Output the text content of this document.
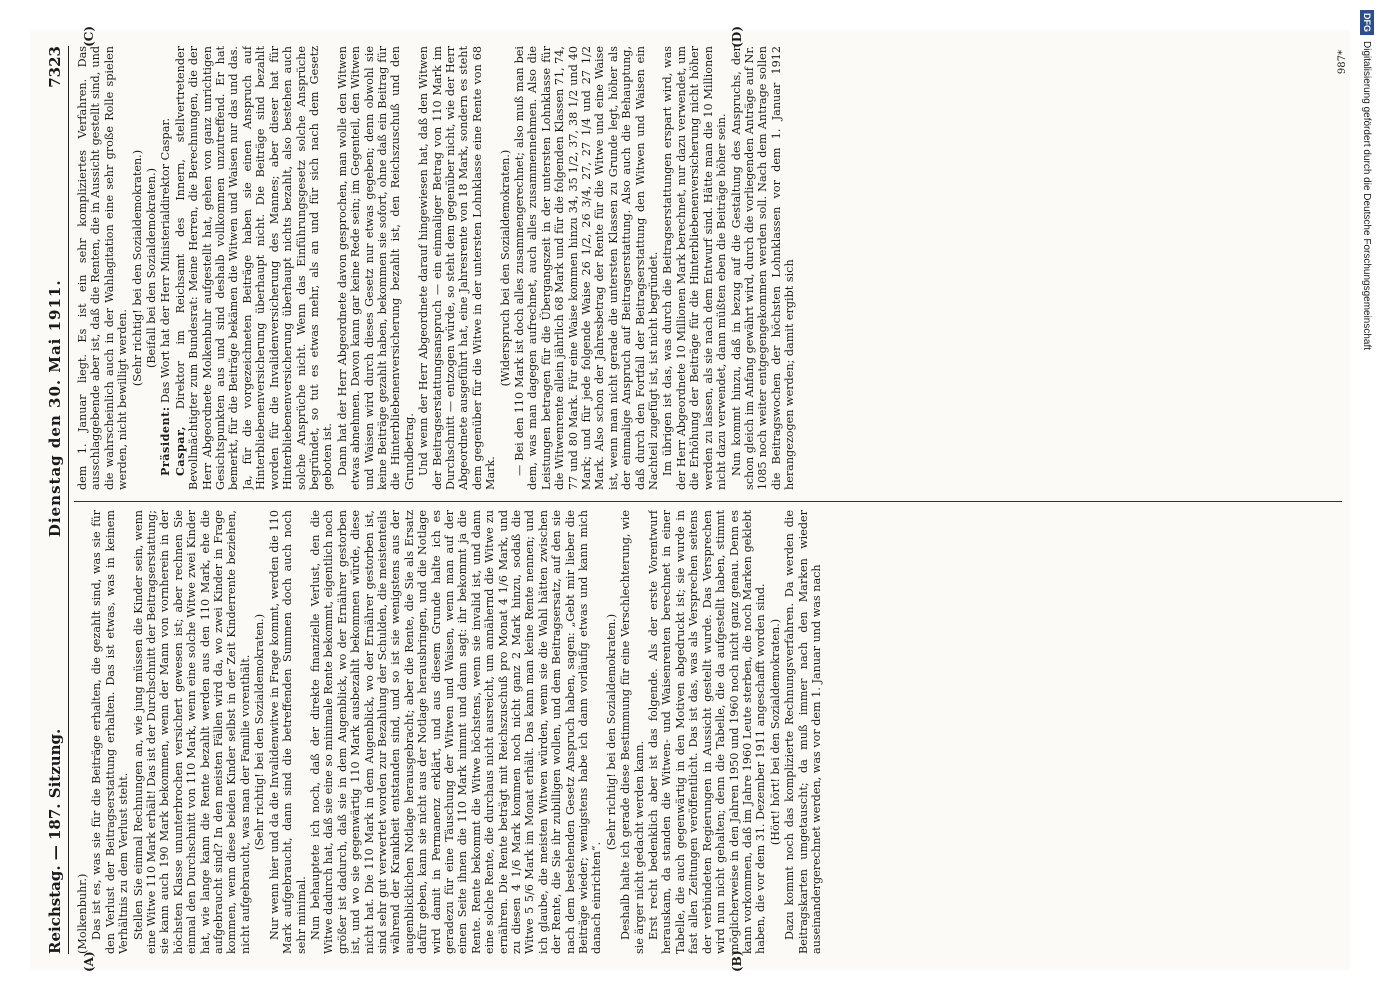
Reichstag. — 187. Sitzung.
Dienstag den 30. Mai 1911.
7323

(Molkenbuhr.) Das ist es, was sie für die Beiträge erhalten, die gezahlt sind, was sie für den Verlust der Beitragserstattung erhalten. Das ist etwas, was in keinem Verhältnis zu dem Verlust steht. Stellen Sie einmal Rechnungen an, wie jung müssen die Kinder sein, wenn eine Witwe 110 Mark erhält! Das ist der Durchschnitt der Beitragserstattung; sie kann auch 190 Mark bekommen, wenn der Mann von vornherein in der höchsten Klasse ununterbrochen versichert gewesen ist; aber rechnen Sie einmal den Durchschnitt von 110 Mark, wenn eine solche Witwe zwei Kinder hat, wie lange kann die Rente bezahlt werden aus den 110 Mark, ehe die aufgebraucht sind? In den meisten Fällen wird da, wo zwei Kinder in Frage kommen, wenn diese beiden Kinder selbst in der Zeit Kinderrente beziehen, nicht aufgebraucht, was man der Familie vorenthält. (Sehr richtig! bei den Sozialdemokraten.) Nur wenn hier und da die Invalidenwitwe in Frage kommt, werden die 110 Mark aufgebraucht, dann sind die betreffenden Summen doch auch noch sehr minimal. Nun behauptete ich noch, daß der direkte finanzielle Verlust, den die Witwe dadurch hat, daß sie eine so minimale Rente bekommt, eigentlich noch größer ist dadurch, daß sie in dem Augenblick, wo der Ernährer gestorben ist, und wo sie gegenwärtig 110 Mark ausbezahlt bekommen würde, diese nicht hat. Die 110 Mark in dem Augenblick, wo der Ernährer gestorben ist, sind sehr gut verwertet worden zur Bezahlung der Schulden, die meistenteils während der Krankheit entstanden sind, und so ist sie wenigstens aus der augenblicklichen Notlage herausgebracht; aber die Rente, die Sie als Ersatz dafür geben, kann sie nicht aus der Notlage herausbringen, und die Notlage wird damit in Permanenz erklärt, und aus diesem Grunde halte ich es geradezu für eine Täuschung der Witwen und Waisen, wenn man auf der einen Seite ihnen die 110 Mark nimmt und dann sagt: ihr bekommt ja die Rente. Rente bekommt die Witwe höchstens, wenn sie invalid ist, und dann eine solche Rente, die durchaus nicht ausreicht, um annähernd die Witwe zu ernähren. Die Rente beträgt mit Reichszuschuß pro Monat 4 1/6 Mark, und zu diesen 4 1/6 Mark kommen noch nicht ganz 2 Mark hinzu, sodaß die Witwe 5 5/6 Mark im Monat erhält. Das kann man keine Rente nennen; und ich glaube, die meisten Witwen würden, wenn sie die Wahl hätten zwischen der Rente, die Sie ihr zubilligen wollen, und dem Beitragsersatz, auf den sie nach dem bestehenden Gesetz Anspruch haben, sagen: „Gebt mir lieber die Beiträge wieder; wenigstens habe ich dann vorläufig etwas und kann mich danach einrichten“.

(Sehr richtig! bei den Sozialdemokraten.) Deshalb halte ich gerade diese Bestimmung für eine Verschlechterung, wie sie ärger nicht gedacht werden kann. Erst recht bedenklich aber ist das folgende. Als der erste Vorentwurf herauskam, da standen die Witwen- und Waisenrenten berechnet in einer Tabelle, die auch gegenwärtig in den Motiven abgedruckt ist; sie wurde in fast allen Zeitungen veröffentlicht. Das ist das, was als Versprechen seitens der verbündeten Regierungen in Aussicht gestellt wurde. Das Versprechen wird nun nicht gehalten; denn die Tabelle, die da aufgestellt haben, stimmt möglicherweise in den Jahren 1950 und 1960 noch nicht ganz genau. Denn es kann vorkommen, daß im Jahre 1960 Leute sterben, die noch Marken geklebt haben, die vor dem 31. Dezember 1911 angeschafft worden sind. (Hört! hört! bei den Sozialdemokraten.) Dazu kommt noch das komplizierte Rechnungsverfahren. Da werden die Beitragskarten umgetauscht; da muß immer nach den Marken wieder auseinandergerechnet werden, was vor dem 1. Januar und was nach

dem 1. Januar liegt. Es ist ein sehr kompliziertes Verfahren. Das ausschlaggebende aber ist, daß die Renten, die in Aussicht gestellt sind, und die wahrscheinlich auch in der Wahlagitation eine sehr große Rolle spielen werden, nicht bewilligt werden.

(Sehr richtig! bei den Sozialdemokraten.) (Beifall bei den Sozialdemokraten.)

Präsident: Das Wort hat der Herr Ministerialdirektor Caspar.

Caspar, Direktor im Reichsamt des Innern, stellvertretender Bevollmächtigter zum Bundesrat: Meine Herren, die Berechnungen, die der Herr Abgeordnete Molkenbuhr aufgestellt hat, gehen von ganz unrichtigen Gesichtspunkten aus und sind deshalb vollkommen unzutreffend. Er hat bemerkt, für die Beiträge bekämen die Witwen und Waisen nur das und das. Ja, für die vorgezeichneten Beiträge haben sie einen Anspruch auf Hinterbliebenenversicherung überhaupt nicht. Die Beiträge sind bezahlt worden für die Invalidenversicherung des Mannes; aber dieser hat für Hinterbliebenenversicherung überhaupt nichts bezahlt, also bestehen auch solche Ansprüche nicht. Wenn das Einführungsgesetz solche Ansprüche begründet, so tut es etwas mehr, als an und für sich nach dem Gesetz geboten ist. Dann hat der Herr Abgeordnete davon gesprochen, man wolle den Witwen etwas abnehmen. Davon kann gar keine Rede sein; im Gegenteil, den Witwen und Waisen wird durch dieses Gesetz nur etwas gegeben; denn obwohl sie keine Beiträge gezahlt haben, bekommen sie sofort, ohne daß ein Beitrag für die Hinterbliebenenversicherung bezahlt ist, den Reichszuschuß und den Grundbetrag. Und wenn der Herr Abgeordnete darauf hingewiesen hat, daß den Witwen der Beitragserstattungsanspruch — ein einmaliger Betrag von 110 Mark im Durchschnitt — entzogen würde, so steht dem gegenüber nicht, wie der Herr Abgeordnete ausgeführt hat, eine Jahresrente von 18 Mark, sondern es steht dem gegenüber für die Witwe in der untersten Lohnklasse eine Rente von 68 Mark.

(Widerspruch bei den Sozialdemokraten.) — Bei den 110 Mark ist doch alles zusammengerechnet; also muß man bei dem, was man dagegen aufrechnet, auch alles zusammennehmen. Also die Leistungen betragen für die Übergangszeit in der untersten Lohnklasse für die Witwenrente allein jährlich 68 Mark und für die folgenden Klassen 71, 74, 77 und 80 Mark. Für eine Waise kommen hinzu 34, 35 1/2, 37, 38 1/2 und 40 Mark; und für jede folgende Waise 26 1/2, 26 3/4, 27, 27 1/4 und 27 1/2 Mark. Also schon der Jahresbetrag der Rente für die Witwe und eine Waise ist, wenn man nicht gerade die untersten Klassen zu Grunde legt, höher als der einmalige Anspruch auf Beitragserstattung. Also auch die Behauptung, daß durch den Fortfall der Beitragserstattung den Witwen und Waisen ein Nachteil zugefügt ist, ist nicht begründet. Im übrigen ist das, was durch die Beitragserstattungen erspart wird, was der Herr Abgeordnete 10 Millionen Mark berechnet, nur dazu verwendet, um die Erhöhung der Beiträge für die Hinterbliebenenversicherung nicht höher werden zu lassen, als sie nach dem Entwurf sind. Hätte man die 10 Millionen nicht dazu verwendet, dann müßten eben die Beiträge höher sein. Nun kommt hinzu, daß in bezug auf die Gestaltung des Anspruchs, der schon gleich im Anfang gewährt wird, durch die vorliegenden Anträge auf Nr. 1085 noch weiter entgegengekommen werden soll. Nach dem Antrage sollen die Beitragswochen der höchsten Lohnklassen vor dem 1. Januar 1912 herangezogen werden; damit ergibt sich

(A)	(B)
(C)	(D)
987*
DFGDigitalisierung gefördert durch die Deutsche Forschungsgemeinschaft
